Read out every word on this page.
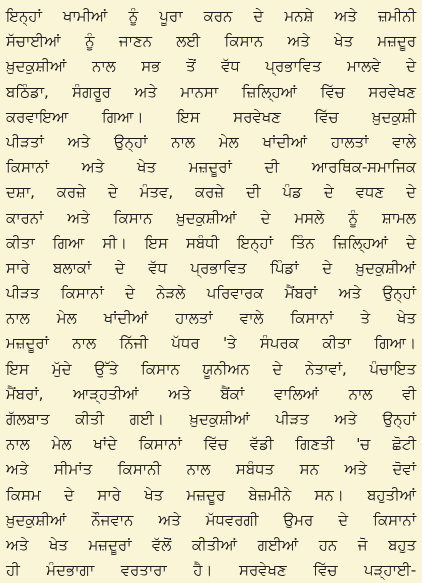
ਇਨ੍ਹਾਂ ਖਾਮੀਆਂ ਨੂੰ ਪੂਰਾ ਕਰਨ ਦੇ ਮਨਸ਼ੇ ਅਤੇ ਜ਼ਮੀਨੀ
ਸੱਚਾਈਆਂ ਨੂੰ ਜਾਣਨ ਲਈ ਕਿਸਾਨ ਅਤੇ ਖੇਤ ਮਜ਼ਦੂਰ
ਖ਼ੁਦਕੁਸ਼ੀਆਂ ਨਾਲ ਸਭ ਤੋਂ ਵੱਧ ਪ੍ਰਭਾਵਿਤ ਮਾਲਵੇ ਦੇ
ਬਠਿੰਡਾ, ਸੰਗਰੂਰ ਅਤੇ ਮਾਨਸਾ ਜ਼ਿਲ੍ਹਿਆਂ ਵਿੱਚ ਸਰਵੇਖਣ
ਕਰਵਾਇਆ ਗਿਆ। ਇਸ ਸਰਵੇਖਣ ਵਿੱਚ ਖ਼ੁਦਕੁਸ਼ੀ
ਪੀੜਤਾਂ ਅਤੇ ਉਨ੍ਹਾਂ ਨਾਲ ਮੇਲ ਖਾਂਦੀਆਂ ਹਾਲਤਾਂ ਵਾਲੇ
ਕਿਸਾਨਾਂ ਅਤੇ ਖੇਤ ਮਜ਼ਦੂਰਾਂ ਦੀ ਆਰਥਿਕ-ਸਮਾਜਿਕ
ਦਸ਼ਾ, ਕਰਜ਼ੇ ਦੇ ਮੰਤਵ, ਕਰਜ਼ੇ ਦੀ ਪੰਡ ਦੇ ਵਧਣ ਦੇ
ਕਾਰਨਾਂ ਅਤੇ ਕਿਸਾਨ ਖ਼ੁਦਕੁਸ਼ੀਆਂ ਦੇ ਮਸਲੇ ਨੂੰ ਸ਼ਾਮਲ
ਕੀਤਾ ਗਿਆ ਸੀ। ਇਸ ਸਬੰਧੀ ਇਨ੍ਹਾਂ ਤਿੰਨ ਜ਼ਿਲ੍ਹਿਆਂ ਦੇ
ਸਾਰੇ ਬਲਾਕਾਂ ਦੇ ਵੱਧ ਪ੍ਰਭਾਵਿਤ ਪਿੰਡਾਂ ਦੇ ਖ਼ੁਦਕੁਸ਼ੀਆਂ
ਪੀੜਤ ਕਿਸਾਨਾਂ ਦੇ ਨੇੜਲੇ ਪਰਿਵਾਰਕ ਮੈਂਬਰਾਂ ਅਤੇ ਉਨ੍ਹਾਂ
ਨਾਲ ਮੇਲ ਖਾਂਦੀਆਂ ਹਾਲਤਾਂ ਵਾਲੇ ਕਿਸਾਨਾਂ ਤੇ ਖੇਤ
ਮਜ਼ਦੂਰਾਂ ਨਾਲ ਨਿੱਜੀ ਪੱਧਰ 'ਤੇ ਸੰਪਰਕ ਕੀਤਾ ਗਿਆ।
ਇਸ ਮੁੱਦੇ ਉੱਤੇ ਕਿਸਾਨ ਯੂਨੀਅਨ ਦੇ ਨੇਤਾਵਾਂ, ਪੰਚਾਇਤ
ਮੈਂਬਰਾਂ, ਆੜ੍ਹਤੀਆਂ ਅਤੇ ਬੈਂਕਾਂ ਵਾਲਿਆਂ ਨਾਲ ਵੀ
ਗੱਲਬਾਤ ਕੀਤੀ ਗਈ। ਖ਼ੁਦਕੁਸ਼ੀਆਂ ਪੀੜਤ ਅਤੇ ਉਨ੍ਹਾਂ
ਨਾਲ ਮੇਲ ਖਾਂਦੇ ਕਿਸਾਨਾਂ ਵਿੱਚ ਵੱਡੀ ਗਿਣਤੀ 'ਚ ਛੋਟੀ
ਅਤੇ ਸੀਮਾਂਤ ਕਿਸਾਨੀ ਨਾਲ ਸਬੰਧਤ ਸਨ ਅਤੇ ਦੋਵਾਂ
ਕਿਸਮ ਦੇ ਸਾਰੇ ਖੇਤ ਮਜ਼ਦੂਰ ਬੇਜ਼ਮੀਨੇ ਸਨ। ਬਹੁਤੀਆਂ
ਖ਼ੁਦਕੁਸ਼ੀਆਂ ਨੌਜਵਾਨ ਅਤੇ ਮੱਧਵਰਗੀ ਉਮਰ ਦੇ ਕਿਸਾਨਾਂ
ਅਤੇ ਖੇਤ ਮਜ਼ਦੂਰਾਂ ਵੱਲੋਂ ਕੀਤੀਆਂ ਗਈਆਂ ਹਨ ਜੋ ਬਹੁਤ
ਹੀ ਮੰਦਭਾਗਾ ਵਰਤਾਰਾ ਹੈ। ਸਰਵੇਖਣ ਵਿੱਚ ਪੜ੍ਹਾਈ-
